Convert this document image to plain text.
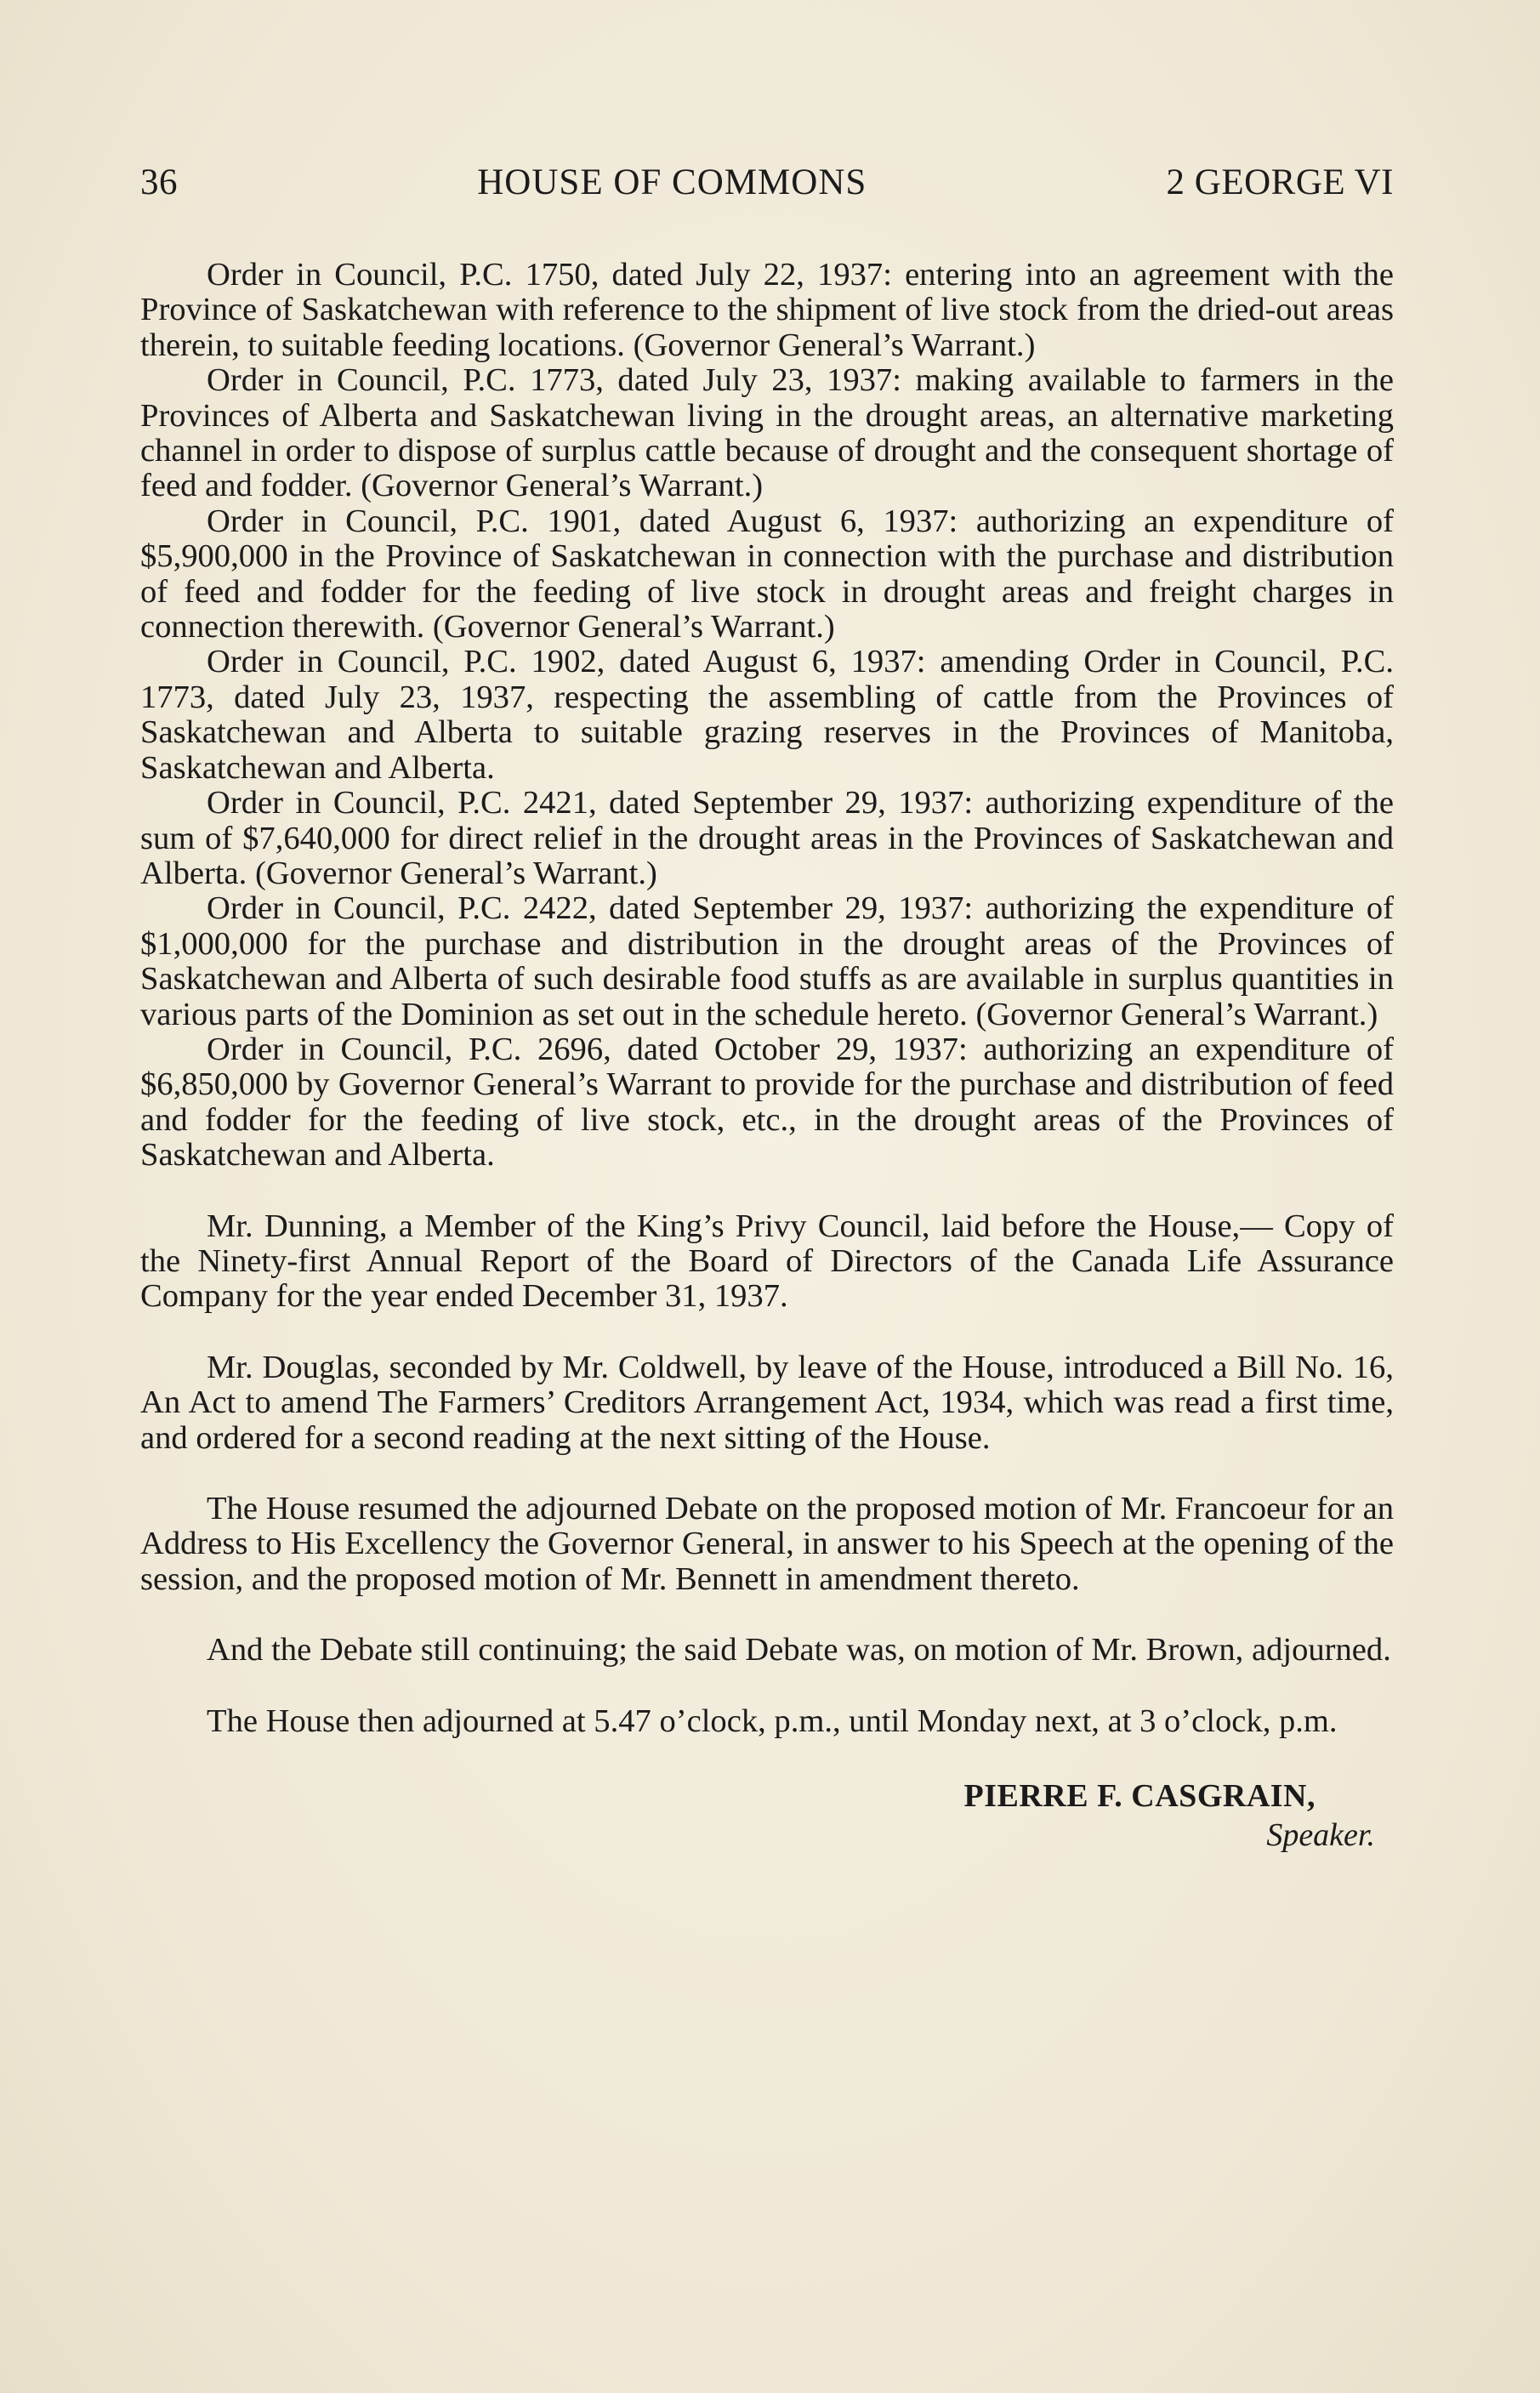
36	HOUSE OF COMMONS	2 GEORGE VI

Order in Council, P.C. 1750, dated July 22, 1937: entering into an agreement with the Province of Saskatchewan with reference to the shipment of live stock from the dried-out areas therein, to suitable feeding locations. (Governor General’s Warrant.)

Order in Council, P.C. 1773, dated July 23, 1937: making available to farmers in the Provinces of Alberta and Saskatchewan living in the drought areas, an alternative marketing channel in order to dispose of surplus cattle because of drought and the consequent shortage of feed and fodder. (Governor General’s Warrant.)

Order in Council, P.C. 1901, dated August 6, 1937: authorizing an expenditure of $5,900,000 in the Province of Saskatchewan in connection with the purchase and distribution of feed and fodder for the feeding of live stock in drought areas and freight charges in connection therewith. (Governor General’s Warrant.)

Order in Council, P.C. 1902, dated August 6, 1937: amending Order in Council, P.C. 1773, dated July 23, 1937, respecting the assembling of cattle from the Provinces of Saskatchewan and Alberta to suitable grazing reserves in the Provinces of Manitoba, Saskatchewan and Alberta.

Order in Council, P.C. 2421, dated September 29, 1937: authorizing expenditure of the sum of $7,640,000 for direct relief in the drought areas in the Provinces of Saskatchewan and Alberta. (Governor General’s Warrant.)

Order in Council, P.C. 2422, dated September 29, 1937: authorizing the expenditure of $1,000,000 for the purchase and distribution in the drought areas of the Provinces of Saskatchewan and Alberta of such desirable food stuffs as are available in surplus quantities in various parts of the Dominion as set out in the schedule hereto. (Governor General’s Warrant.)

Order in Council, P.C. 2696, dated October 29, 1937: authorizing an expenditure of $6,850,000 by Governor General’s Warrant to provide for the purchase and distribution of feed and fodder for the feeding of live stock, etc., in the drought areas of the Provinces of Saskatchewan and Alberta.

Mr. Dunning, a Member of the King’s Privy Council, laid before the House,— Copy of the Ninety-first Annual Report of the Board of Directors of the Canada Life Assurance Company for the year ended December 31, 1937.

Mr. Douglas, seconded by Mr. Coldwell, by leave of the House, introduced a Bill No. 16, An Act to amend The Farmers’ Creditors Arrangement Act, 1934, which was read a first time, and ordered for a second reading at the next sitting of the House.

The House resumed the adjourned Debate on the proposed motion of Mr. Francoeur for an Address to His Excellency the Governor General, in answer to his Speech at the opening of the session, and the proposed motion of Mr. Bennett in amendment thereto.

And the Debate still continuing; the said Debate was, on motion of Mr. Brown, adjourned.

The House then adjourned at 5.47 o’clock, p.m., until Monday next, at 3 o’clock, p.m.

PIERRE F. CASGRAIN,
Speaker.
